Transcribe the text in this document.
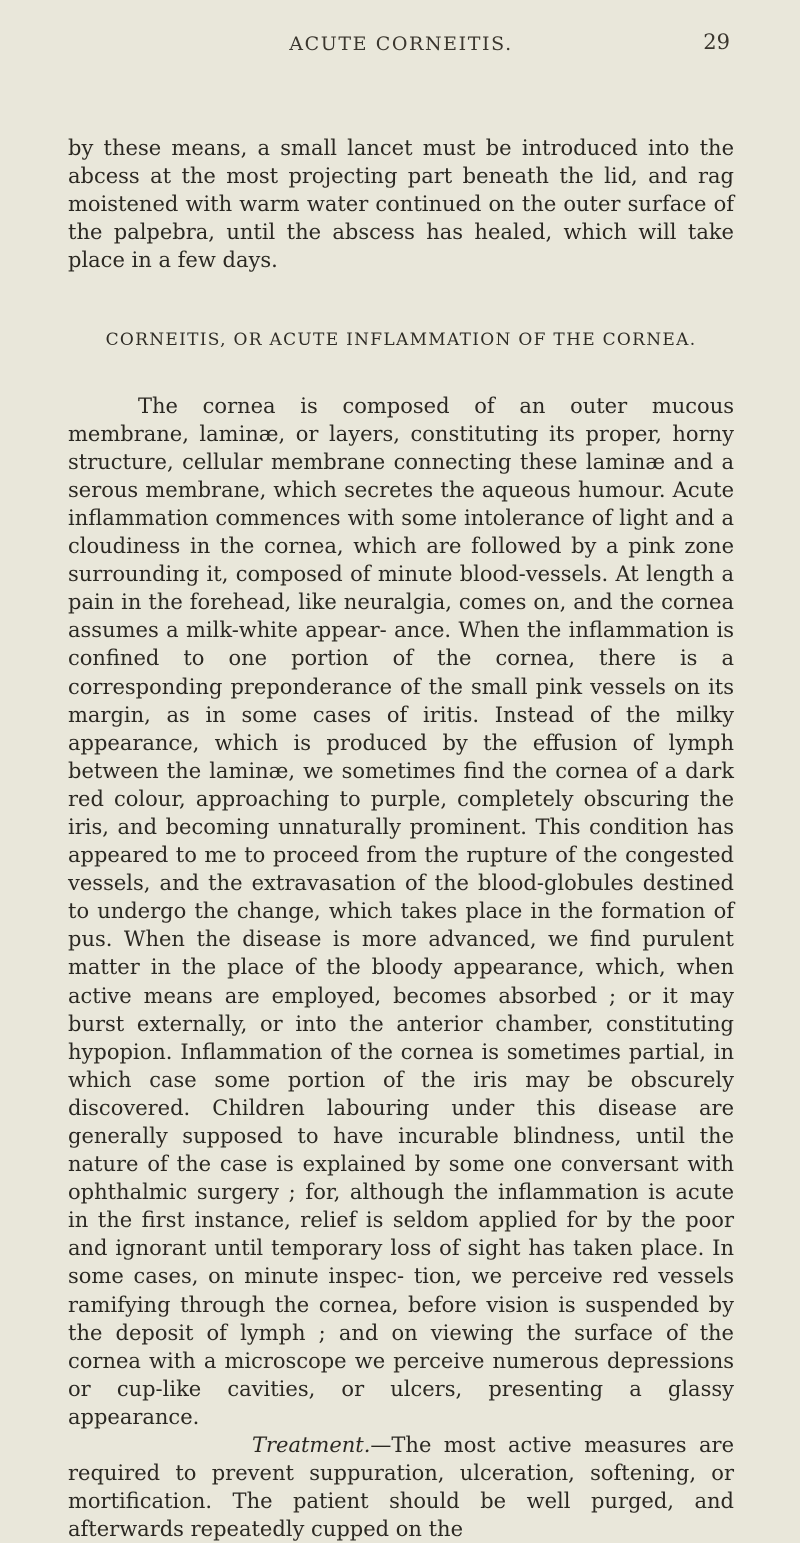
ACUTE CORNEITIS.	29

by these means, a small lancet must be introduced into the abcess at the most projecting part beneath the lid, and rag moistened with warm water continued on the outer surface of the palpebra, until the abscess has healed, which will take place in a few days.

CORNEITIS, OR ACUTE INFLAMMATION OF THE CORNEA.

The cornea is composed of an outer mucous membrane, laminæ, or layers, constituting its proper, horny structure, cellular membrane connecting these laminæ and a serous membrane, which secretes the aqueous humour. Acute inflammation commences with some intolerance of light and a cloudiness in the cornea, which are followed by a pink zone surrounding it, composed of minute blood-vessels. At length a pain in the forehead, like neuralgia, comes on, and the cornea assumes a milk-white appear- ance. When the inflammation is confined to one portion of the cornea, there is a corresponding preponderance of the small pink vessels on its margin, as in some cases of iritis. Instead of the milky appearance, which is produced by the effusion of lymph between the laminæ, we sometimes find the cornea of a dark red colour, approaching to purple, completely obscuring the iris, and becoming unnaturally prominent. This condition has appeared to me to proceed from the rupture of the congested vessels, and the extravasation of the blood-globules destined to undergo the change, which takes place in the formation of pus. When the disease is more advanced, we find purulent matter in the place of the bloody appearance, which, when active means are employed, becomes absorbed ; or it may burst externally, or into the anterior chamber, constituting hypopion. Inflammation of the cornea is sometimes partial, in which case some portion of the iris may be obscurely discovered. Children labouring under this disease are generally supposed to have incurable blindness, until the nature of the case is explained by some one conversant with ophthalmic surgery ; for, although the inflammation is acute in the first instance, relief is seldom applied for by the poor and ignorant until temporary loss of sight has taken place. In some cases, on minute inspec- tion, we perceive red vessels ramifying through the cornea, before vision is suspended by the deposit of lymph ; and on viewing the surface of the cornea with a microscope we perceive numerous depressions or cup-like cavities, or ulcers, presenting a glassy appearance.

Treatment.—The most active measures are required to prevent suppuration, ulceration, softening, or mortification. The patient should be well purged, and afterwards repeatedly cupped on the
